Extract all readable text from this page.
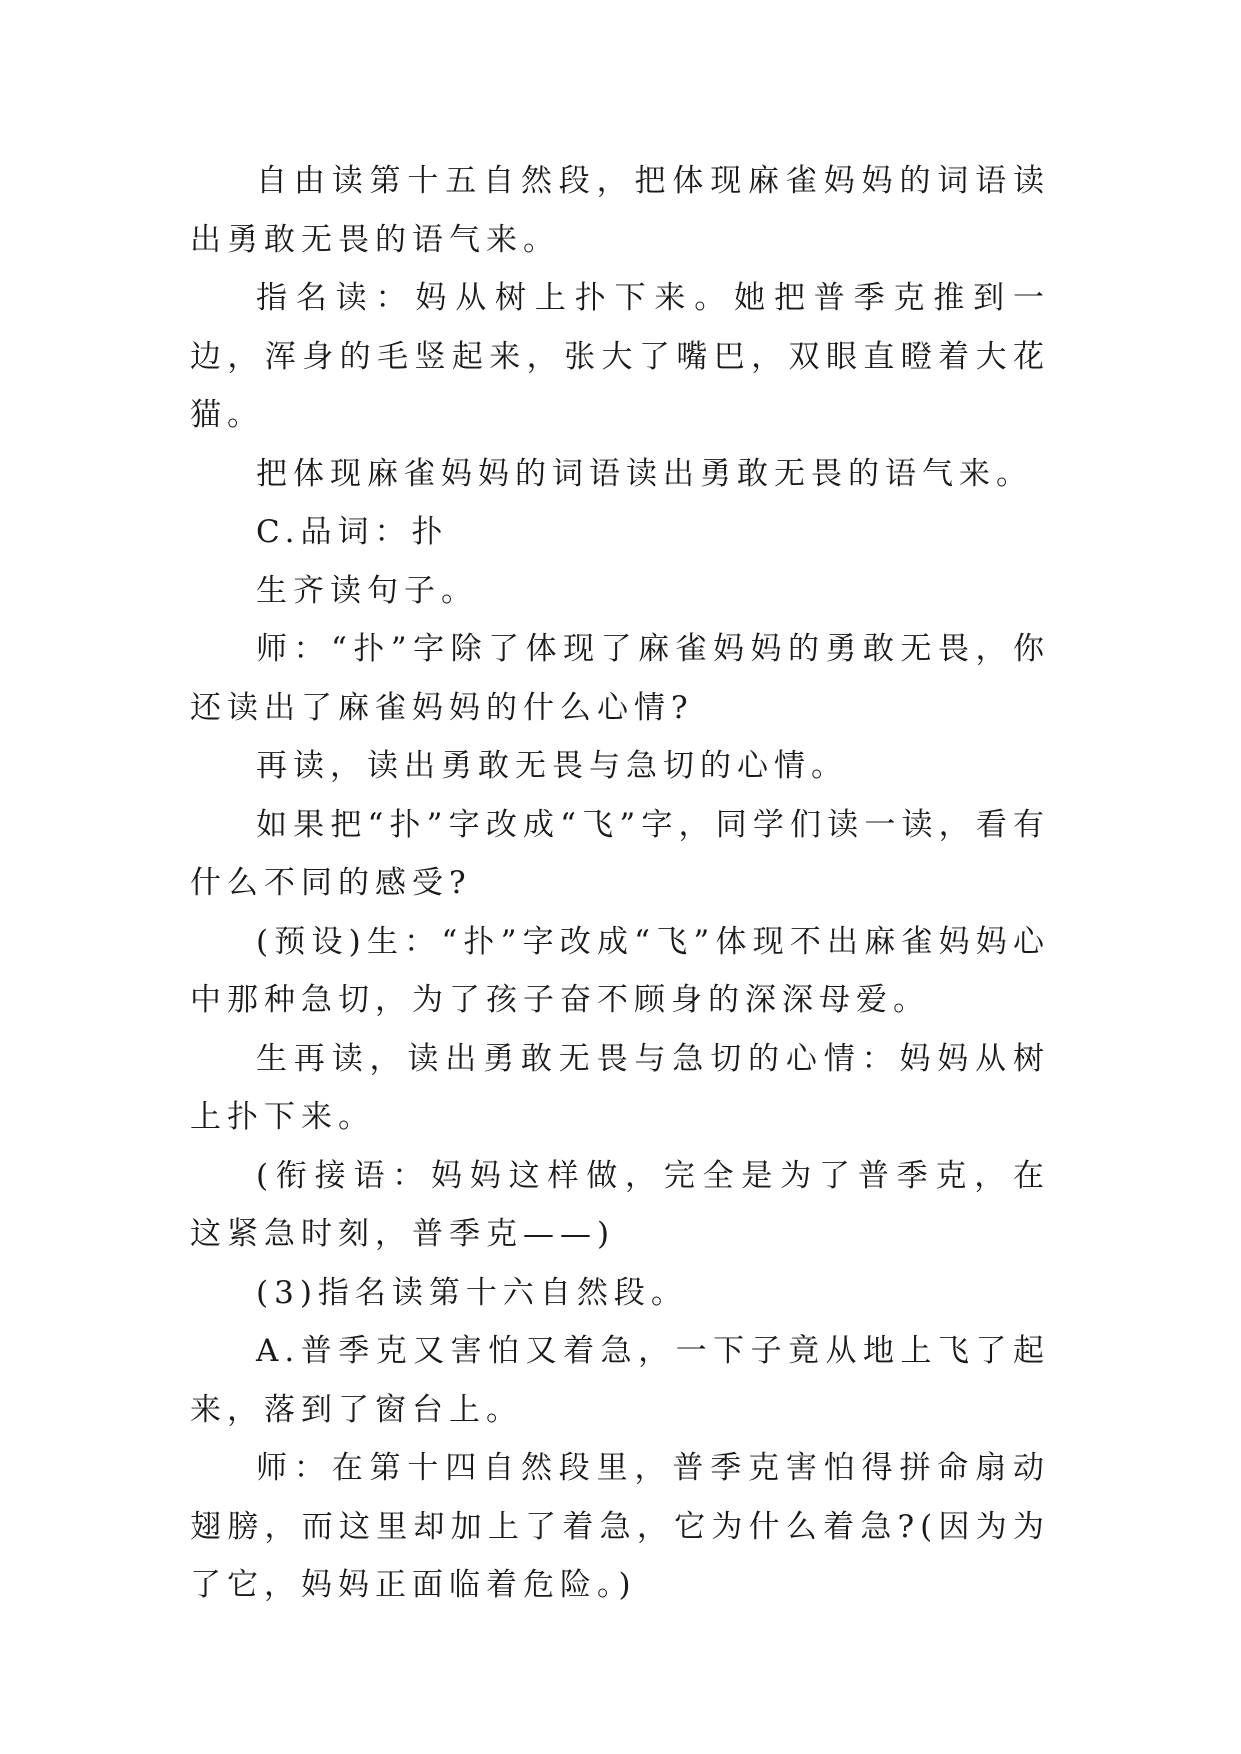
自由读第十五自然段，把体现麻雀妈妈的词语读出勇敢无畏的语气来。

指名读：妈从树上扑下来。她把普季克推到一边，浑身的毛竖起来，张大了嘴巴，双眼直瞪着大花猫。

把体现麻雀妈妈的词语读出勇敢无畏的语气来。

C.品词：扑

生齐读句子。

师：“扑”字除了体现了麻雀妈妈的勇敢无畏，你还读出了麻雀妈妈的什么心情?

再读，读出勇敢无畏与急切的心情。

如果把“扑”字改成“飞”字，同学们读一读，看有什么不同的感受?

(预设)生：“扑”字改成“飞”体现不出麻雀妈妈心中那种急切，为了孩子奋不顾身的深深母爱。

生再读，读出勇敢无畏与急切的心情：妈妈从树上扑下来。

(衔接语：妈妈这样做，完全是为了普季克，在这紧急时刻，普季克——)

(3)指名读第十六自然段。

A.普季克又害怕又着急，一下子竟从地上飞了起来，落到了窗台上。

师：在第十四自然段里，普季克害怕得拼命扇动翅膀，而这里却加上了着急，它为什么着急?(因为为了它，妈妈正面临着危险。)
